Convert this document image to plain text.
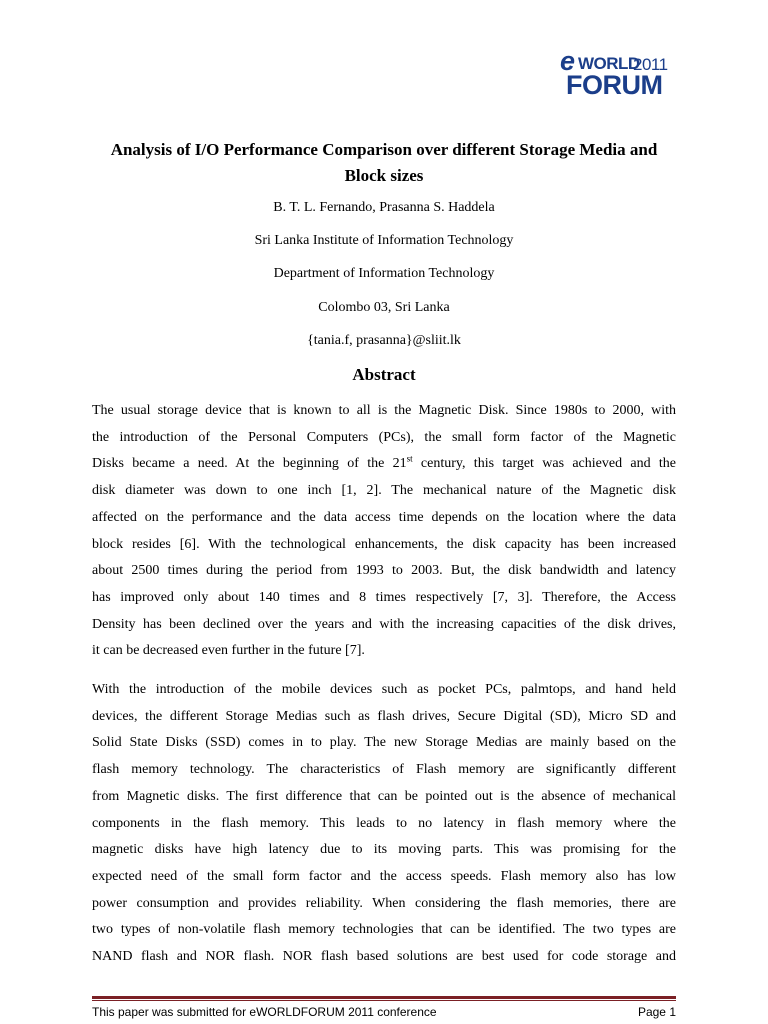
e WORLD
2011
FORUM
Analysis of I/O Performance Comparison over different Storage Media and
Block sizes
B. T. L. Fernando, Prasanna S. Haddela
Sri Lanka Institute of Information Technology
Department of Information Technology
Colombo 03, Sri Lanka
{tania.f, prasanna}@sliit.lk
Abstract
The usual storage device that is known to all is the Magnetic Disk. Since 1980s to 2000, with
the introduction of the Personal Computers (PCs), the small form factor of the Magnetic
Disks became a need. At the beginning of the 21st century, this target was achieved and the
disk diameter was down to one inch [1, 2]. The mechanical nature of the Magnetic disk
affected on the performance and the data access time depends on the location where the data
block resides [6]. With the technological enhancements, the disk capacity has been increased
about 2500 times during the period from 1993 to 2003. But, the disk bandwidth and latency
has improved only about 140 times and 8 times respectively [7, 3]. Therefore, the Access
Density has been declined over the years and with the increasing capacities of the disk drives,
it can be decreased even further in the future [7].
With the introduction of the mobile devices such as pocket PCs, palmtops, and hand held
devices, the different Storage Medias such as flash drives, Secure Digital (SD), Micro SD and
Solid State Disks (SSD) comes in to play. The new Storage Medias are mainly based on the
flash memory technology. The characteristics of Flash memory are significantly different
from Magnetic disks. The first difference that can be pointed out is the absence of mechanical
components in the flash memory. This leads to no latency in flash memory where the
magnetic disks have high latency due to its moving parts. This was promising for the
expected need of the small form factor and the access speeds. Flash memory also has low
power consumption and provides reliability. When considering the flash memories, there are
two types of non-volatile flash memory technologies that can be identified. The two types are
NAND flash and NOR flash. NOR flash based solutions are best used for code storage and
This paper was submitted for eWORLDFORUM 2011 conference	Page 1
